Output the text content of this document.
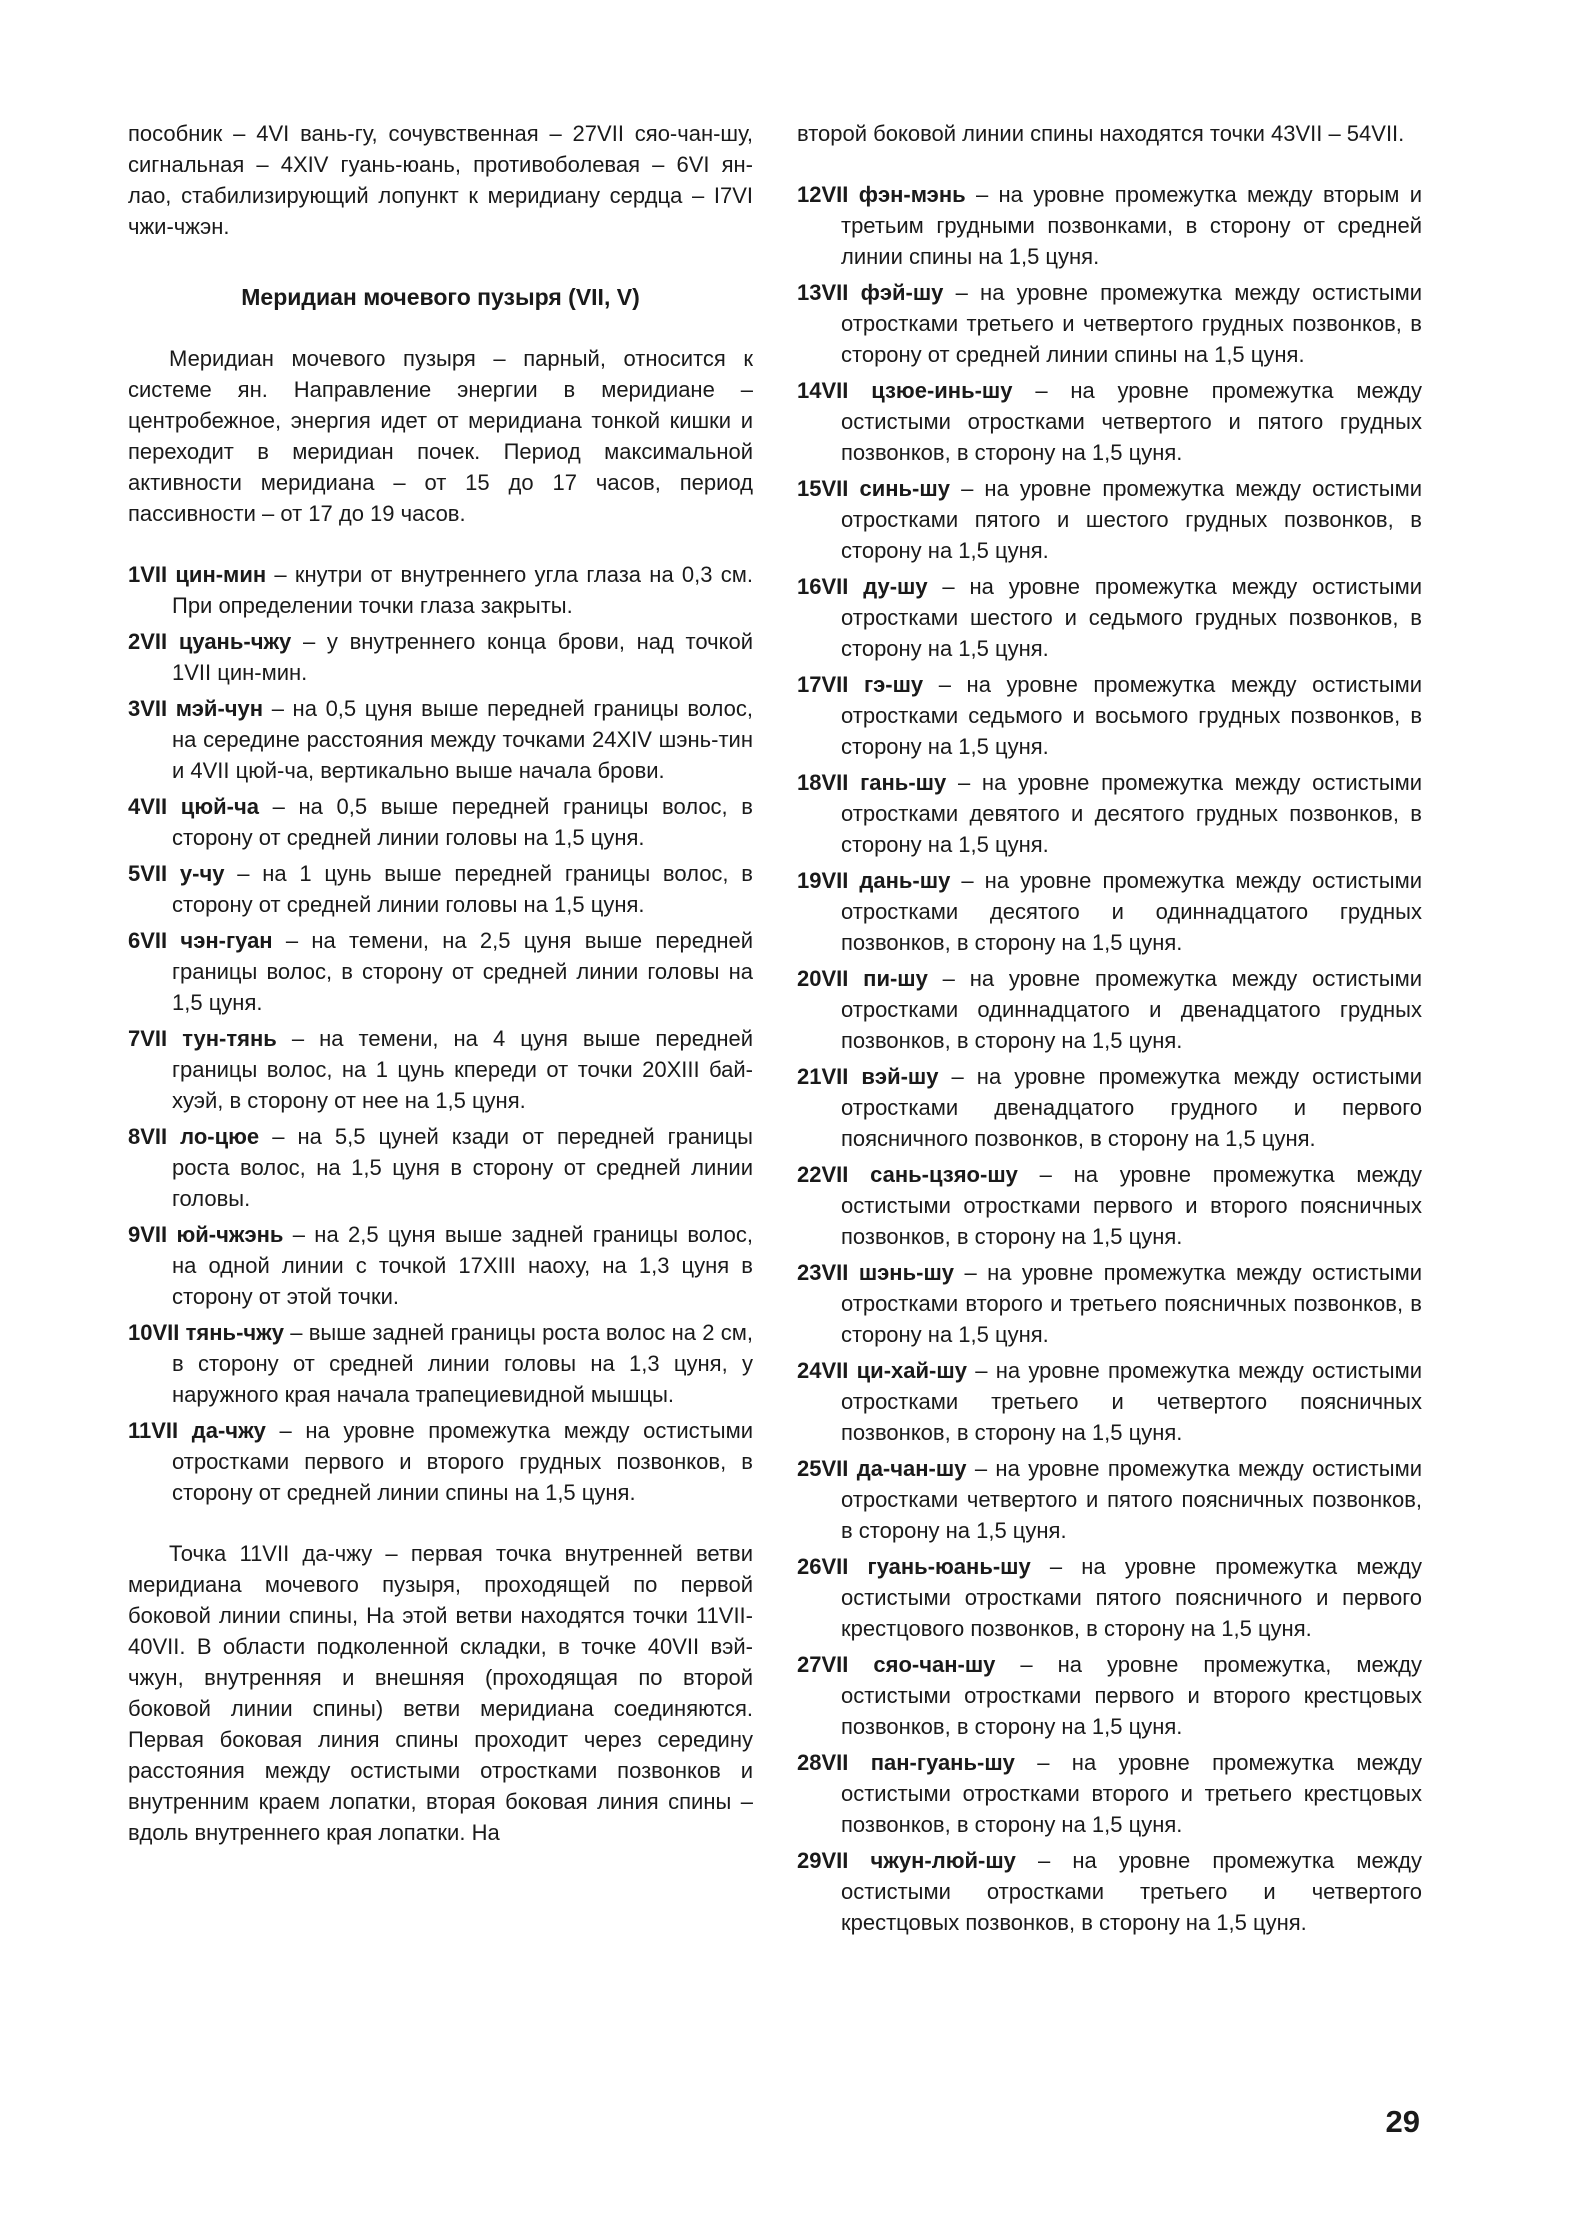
пособник – 4VI вань-гу, сочувственная – 27VII сяо-чан-шу, сигнальная – 4XIV гуань-юань, противоболевая – 6VI ян-лао, стабилизирующий лопункт к меридиану сердца – I7VI чжи-чжэн.

Меридиан мочевого пузыря (VII, V)

Меридиан мочевого пузыря – парный, относится к системе ян. Направление энергии в меридиане – центробежное, энергия идет от меридиана тонкой кишки и переходит в меридиан почек. Период максимальной активности меридиана – от 15 до 17 часов, период пассивности – от 17 до 19 часов.

1VII цин-мин – кнутри от внутреннего угла глаза на 0,3 см. При определении точки глаза закрыты.

2VII цуань-чжу – у внутреннего конца брови, над точкой 1VII цин-мин.

3VII мэй-чун – на 0,5 цуня выше передней границы волос, на середине расстояния между точками 24XIV шэнь-тин и 4VII цюй-ча, вертикально выше начала брови.

4VII цюй-ча – на 0,5 выше передней границы волос, в сторону от средней линии головы на 1,5 цуня.

5VII у-чу – на 1 цунь выше передней границы волос, в сторону от средней линии головы на 1,5 цуня.

6VII чэн-гуан – на темени, на 2,5 цуня выше передней границы волос, в сторону от средней линии головы на 1,5 цуня.

7VII тун-тянь – на темени, на 4 цуня выше передней границы волос, на 1 цунь кпереди от точки 20XIII бай-хуэй, в сторону от нее на 1,5 цуня.

8VII ло-цюе – на 5,5 цуней кзади от передней границы роста волос, на 1,5 цуня в сторону от средней линии головы.

9VII юй-чжэнь – на 2,5 цуня выше задней границы волос, на одной линии с точкой 17XIII наоху, на 1,3 цуня в сторону от этой точки.

10VII тянь-чжу – выше задней границы роста волос на 2 см, в сторону от средней линии головы на 1,3 цуня, у наружного края начала трапециевидной мышцы.

11VII да-чжу – на уровне промежутка между остистыми отростками первого и второго грудных позвонков, в сторону от средней линии спины на 1,5 цуня.

Точка 11VII да-чжу – первая точка внутренней ветви меридиана мочевого пузыря, проходящей по первой боковой линии спины, На этой ветви находятся точки 11VII-40VII. В области подколенной складки, в точке 40VII вэй-чжун, внутренняя и внешняя (проходящая по второй боковой линии спины) ветви меридиана соединяются. Первая боковая линия спины проходит через середину расстояния между остистыми отростками позвонков и внутренним краем лопатки, вторая боковая линия спины – вдоль внутреннего края лопатки. На

второй боковой линии спины находятся точки 43VII – 54VII.

12VII фэн-мэнь – на уровне промежутка между вторым и третьим грудными позвонками, в сторону от средней линии спины на 1,5 цуня.

13VII фэй-шу – на уровне промежутка между остистыми отростками третьего и четвертого грудных позвонков, в сторону от средней линии спины на 1,5 цуня.

14VII цзюе-инь-шу – на уровне промежутка между остистыми отростками четвертого и пятого грудных позвонков, в сторону на 1,5 цуня.

15VII синь-шу – на уровне промежутка между остистыми отростками пятого и шестого грудных позвонков, в сторону на 1,5 цуня.

16VII ду-шу – на уровне промежутка между остистыми отростками шестого и седьмого грудных позвонков, в сторону на 1,5 цуня.

17VII гэ-шу – на уровне промежутка между остистыми отростками седьмого и восьмого грудных позвонков, в сторону на 1,5 цуня.

18VII гань-шу – на уровне промежутка между остистыми отростками девятого и десятого грудных позвонков, в сторону на 1,5 цуня.

19VII дань-шу – на уровне промежутка между остистыми отростками десятого и одиннадцатого грудных позвонков, в сторону на 1,5 цуня.

20VII пи-шу – на уровне промежутка между остистыми отростками одиннадцатого и двенадцатого грудных позвонков, в сторону на 1,5 цуня.

21VII вэй-шу – на уровне промежутка между остистыми отростками двенадцатого грудного и первого поясничного позвонков, в сторону на 1,5 цуня.

22VII сань-цзяо-шу – на уровне промежутка между остистыми отростками первого и второго поясничных позвонков, в сторону на 1,5 цуня.

23VII шэнь-шу – на уровне промежутка между остистыми отростками второго и третьего поясничных позвонков, в сторону на 1,5 цуня.

24VII ци-хай-шу – на уровне промежутка между остистыми отростками третьего и четвертого поясничных позвонков, в сторону на 1,5 цуня.

25VII да-чан-шу – на уровне промежутка между остистыми отростками четвертого и пятого поясничных позвонков, в сторону на 1,5 цуня.

26VII гуань-юань-шу – на уровне промежутка между остистыми отростками пятого поясничного и первого крестцового позвонков, в сторону на 1,5 цуня.

27VII сяо-чан-шу – на уровне промежутка, между остистыми отростками первого и второго крестцовых позвонков, в сторону на 1,5 цуня.

28VII пан-гуань-шу – на уровне промежутка между остистыми отростками второго и третьего крестцовых позвонков, в сторону на 1,5 цуня.

29VII чжун-люй-шу – на уровне промежутка между остистыми отростками третьего и четвертого крестцовых позвонков, в сторону на 1,5 цуня.

29
